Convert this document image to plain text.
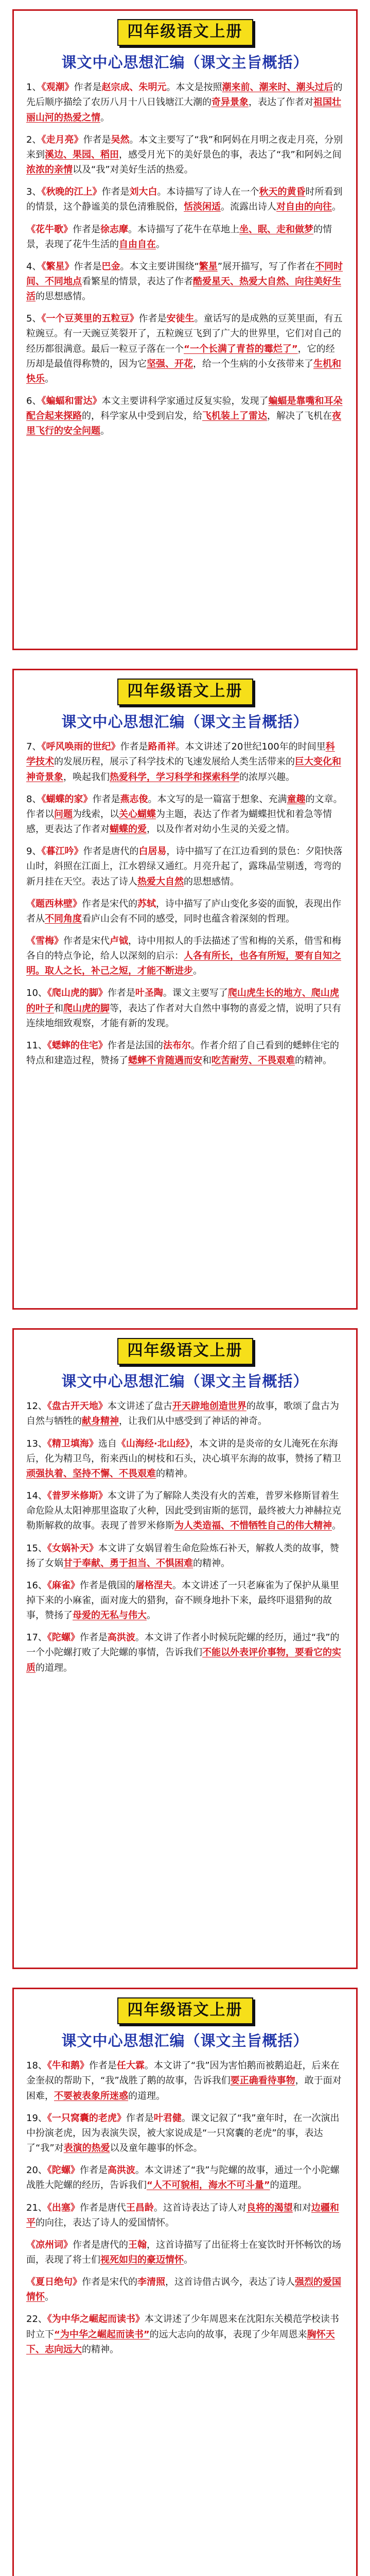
四年级语文上册
课文中心思想汇编（课文主旨概括）

1、《观潮》作者是赵宗成、朱明元。本文是按照潮来前、潮来时、潮头过后的先后顺序描绘了农历八月十八日钱塘江大潮的奇异景象，表达了作者对祖国壮丽山河的热爱之情。

2、《走月亮》作者是吴然。本文主要写了“我”和阿妈在月明之夜走月亮，分别来到溪边、果园、稻田，感受月光下的美好景色的事，表达了“我”和阿妈之间浓浓的亲情以及“我”对美好生活的热爱。

3、《秋晚的江上》作者是刘大白。本诗描写了诗人在一个秋天的黄昏时所看到的情景，这个静谧美的景色清雅脱俗，恬淡闲适。流露出诗人对自由的向往。

《花牛歌》作者是徐志摩。本诗描写了花牛在草地上坐、眠、走和做梦的情景，表现了花牛生活的自由自在。

4、《繁星》作者是巴金。本文主要讲围绕“繁星”展开描写，写了作者在不同时间、不同地点看繁星的情景，表达了作者酷爱星天、热爱大自然、向往美好生活的思想感情。

5、《一个豆荚里的五粒豆》作者是安徒生。童话写的是成熟的豆荚里面，有五粒豌豆。有一天豌豆荚裂开了，五粒豌豆飞到了广大的世界里，它们对自己的经历都很满意。最后一粒豆子落在一个“一个长满了青苔的霉烂了”，它的经历却是最值得称赞的，因为它坚强、开花，给一个生病的小女孩带来了生机和快乐。

6、《蝙蝠和雷达》本文主要讲科学家通过反复实验，发现了蝙蝠是靠嘴和耳朵配合起来探路的，科学家从中受到启发，给飞机装上了雷达，解决了飞机在夜里飞行的安全问题。

四年级语文上册
课文中心思想汇编（课文主旨概括）

7、《呼风唤雨的世纪》作者是路甬祥。本文讲述了20世纪100年的时间里科学技术的发展历程，展示了科学技术的飞速发展给人类生活带来的巨大变化和神奇景象，唤起我们热爱科学，学习科学和探索科学的浓厚兴趣。

8、《蝴蝶的家》作者是燕志俊。本文写的是一篇富于想象、充满童趣的文章。作者以问题为线索，以关心蝴蝶为主题，表达了作者为蝴蝶担忧和着急等情感，更表达了作者对蝴蝶的爱，以及作者对幼小生灵的关爱之情。

9、《暮江吟》作者是唐代的白居易，诗中描写了在江边看到的景色：夕阳快落山时，斜照在江面上，江水碧绿又通红。月亮升起了，露珠晶莹剔透，弯弯的新月挂在天空。表达了诗人热爱大自然的思想感情。

《题西林壁》作者是宋代的苏轼，诗中描写了庐山变化多姿的面貌，表现出作者从不同角度看庐山会有不同的感受，同时也蕴含着深刻的哲理。

《雪梅》作者是宋代卢钺，诗中用拟人的手法描述了雪和梅的关系，借雪和梅各自的特点争论，给人以深刻的启示：人各有所长，也各有所短，要有自知之明。取人之长，补己之短，才能不断进步。

10、《爬山虎的脚》作者是叶圣陶。课文主要写了爬山虎生长的地方、爬山虎的叶子和爬山虎的脚等，表达了作者对大自然中事物的喜爱之情，说明了只有连续地细致观察，才能有新的发现。

11、《蟋蟀的住宅》作者是法国的法布尔。作者介绍了自己看到的蟋蟀住宅的特点和建造过程，赞扬了蟋蟀不肯随遇而安和吃苦耐劳、不畏艰难的精神。

四年级语文上册
课文中心思想汇编（课文主旨概括）

12、《盘古开天地》本文讲述了盘古开天辟地创造世界的故事，歌颂了盘古为自然与牺牲的献身精神，让我们从中感受到了神话的神奇。

13、《精卫填海》选自《山海经·北山经》，本文讲的是炎帝的女儿淹死在东海后，化为精卫鸟，衔来西山的树枝和石头，决心填平东海的故事，赞扬了精卫顽强执着、坚持不懈、不畏艰难的精神。

14、《普罗米修斯》本文讲了为了解除人类没有火的苦难，普罗米修斯冒着生命危险从太阳神那里盗取了火种，因此受到宙斯的惩罚，最终被大力神赫拉克勒斯解救的故事。表现了普罗米修斯为人类造福、不惜牺牲自己的伟大精神。

15、《女娲补天》本文讲了女娲冒着生命危险炼石补天，解救人类的故事，赞扬了女娲甘于奉献、勇于担当、不惧困难的精神。

16、《麻雀》作者是俄国的屠格涅夫。本文讲述了一只老麻雀为了保护从巢里掉下来的小麻雀，面对庞大的猎狗，奋不顾身地扑下来，最终吓退猎狗的故事，赞扬了母爱的无私与伟大。

17、《陀螺》作者是高洪波。本文讲了作者小时候玩陀螺的经历，通过“我”的一个小陀螺打败了大陀螺的事情，告诉我们不能以外表评价事物，要看它的实质的道理。

四年级语文上册
课文中心思想汇编（课文主旨概括）

18、《牛和鹅》作者是任大霖。本文讲了“我”因为害怕鹅而被鹅追赶，后来在金奎叔的帮助下，“我”战胜了鹅的故事，告诉我们要正确看待事物，敢于面对困难，不要被表象所迷惑的道理。

19、《一只窝囊的老虎》作者是叶君健。课文记叙了“我”童年时，在一次演出中扮演老虎，因为表演失误，被大家说成是“一只窝囊的老虎”的事，表达了“我”对表演的热爱以及童年趣事的怀念。

20、《陀螺》作者是高洪波。本文讲述了“我”与陀螺的故事，通过一个小陀螺战胜大陀螺的经历，告诉我们“人不可貌相，海水不可斗量”的道理。

21、《出塞》作者是唐代王昌龄。这首诗表达了诗人对良将的渴望和对边疆和平的向往，表达了诗人的爱国情怀。

《凉州词》作者是唐代的王翰，这首诗描写了出征将士在宴饮时开怀畅饮的场面，表现了将士们视死如归的豪迈情怀。

《夏日绝句》作者是宋代的李清照，这首诗借古讽今，表达了诗人强烈的爱国情怀。

22、《为中华之崛起而读书》本文讲述了少年周恩来在沈阳东关模范学校读书时立下“为中华之崛起而读书”的远大志向的故事，表现了少年周恩来胸怀天下、志向远大的精神。
